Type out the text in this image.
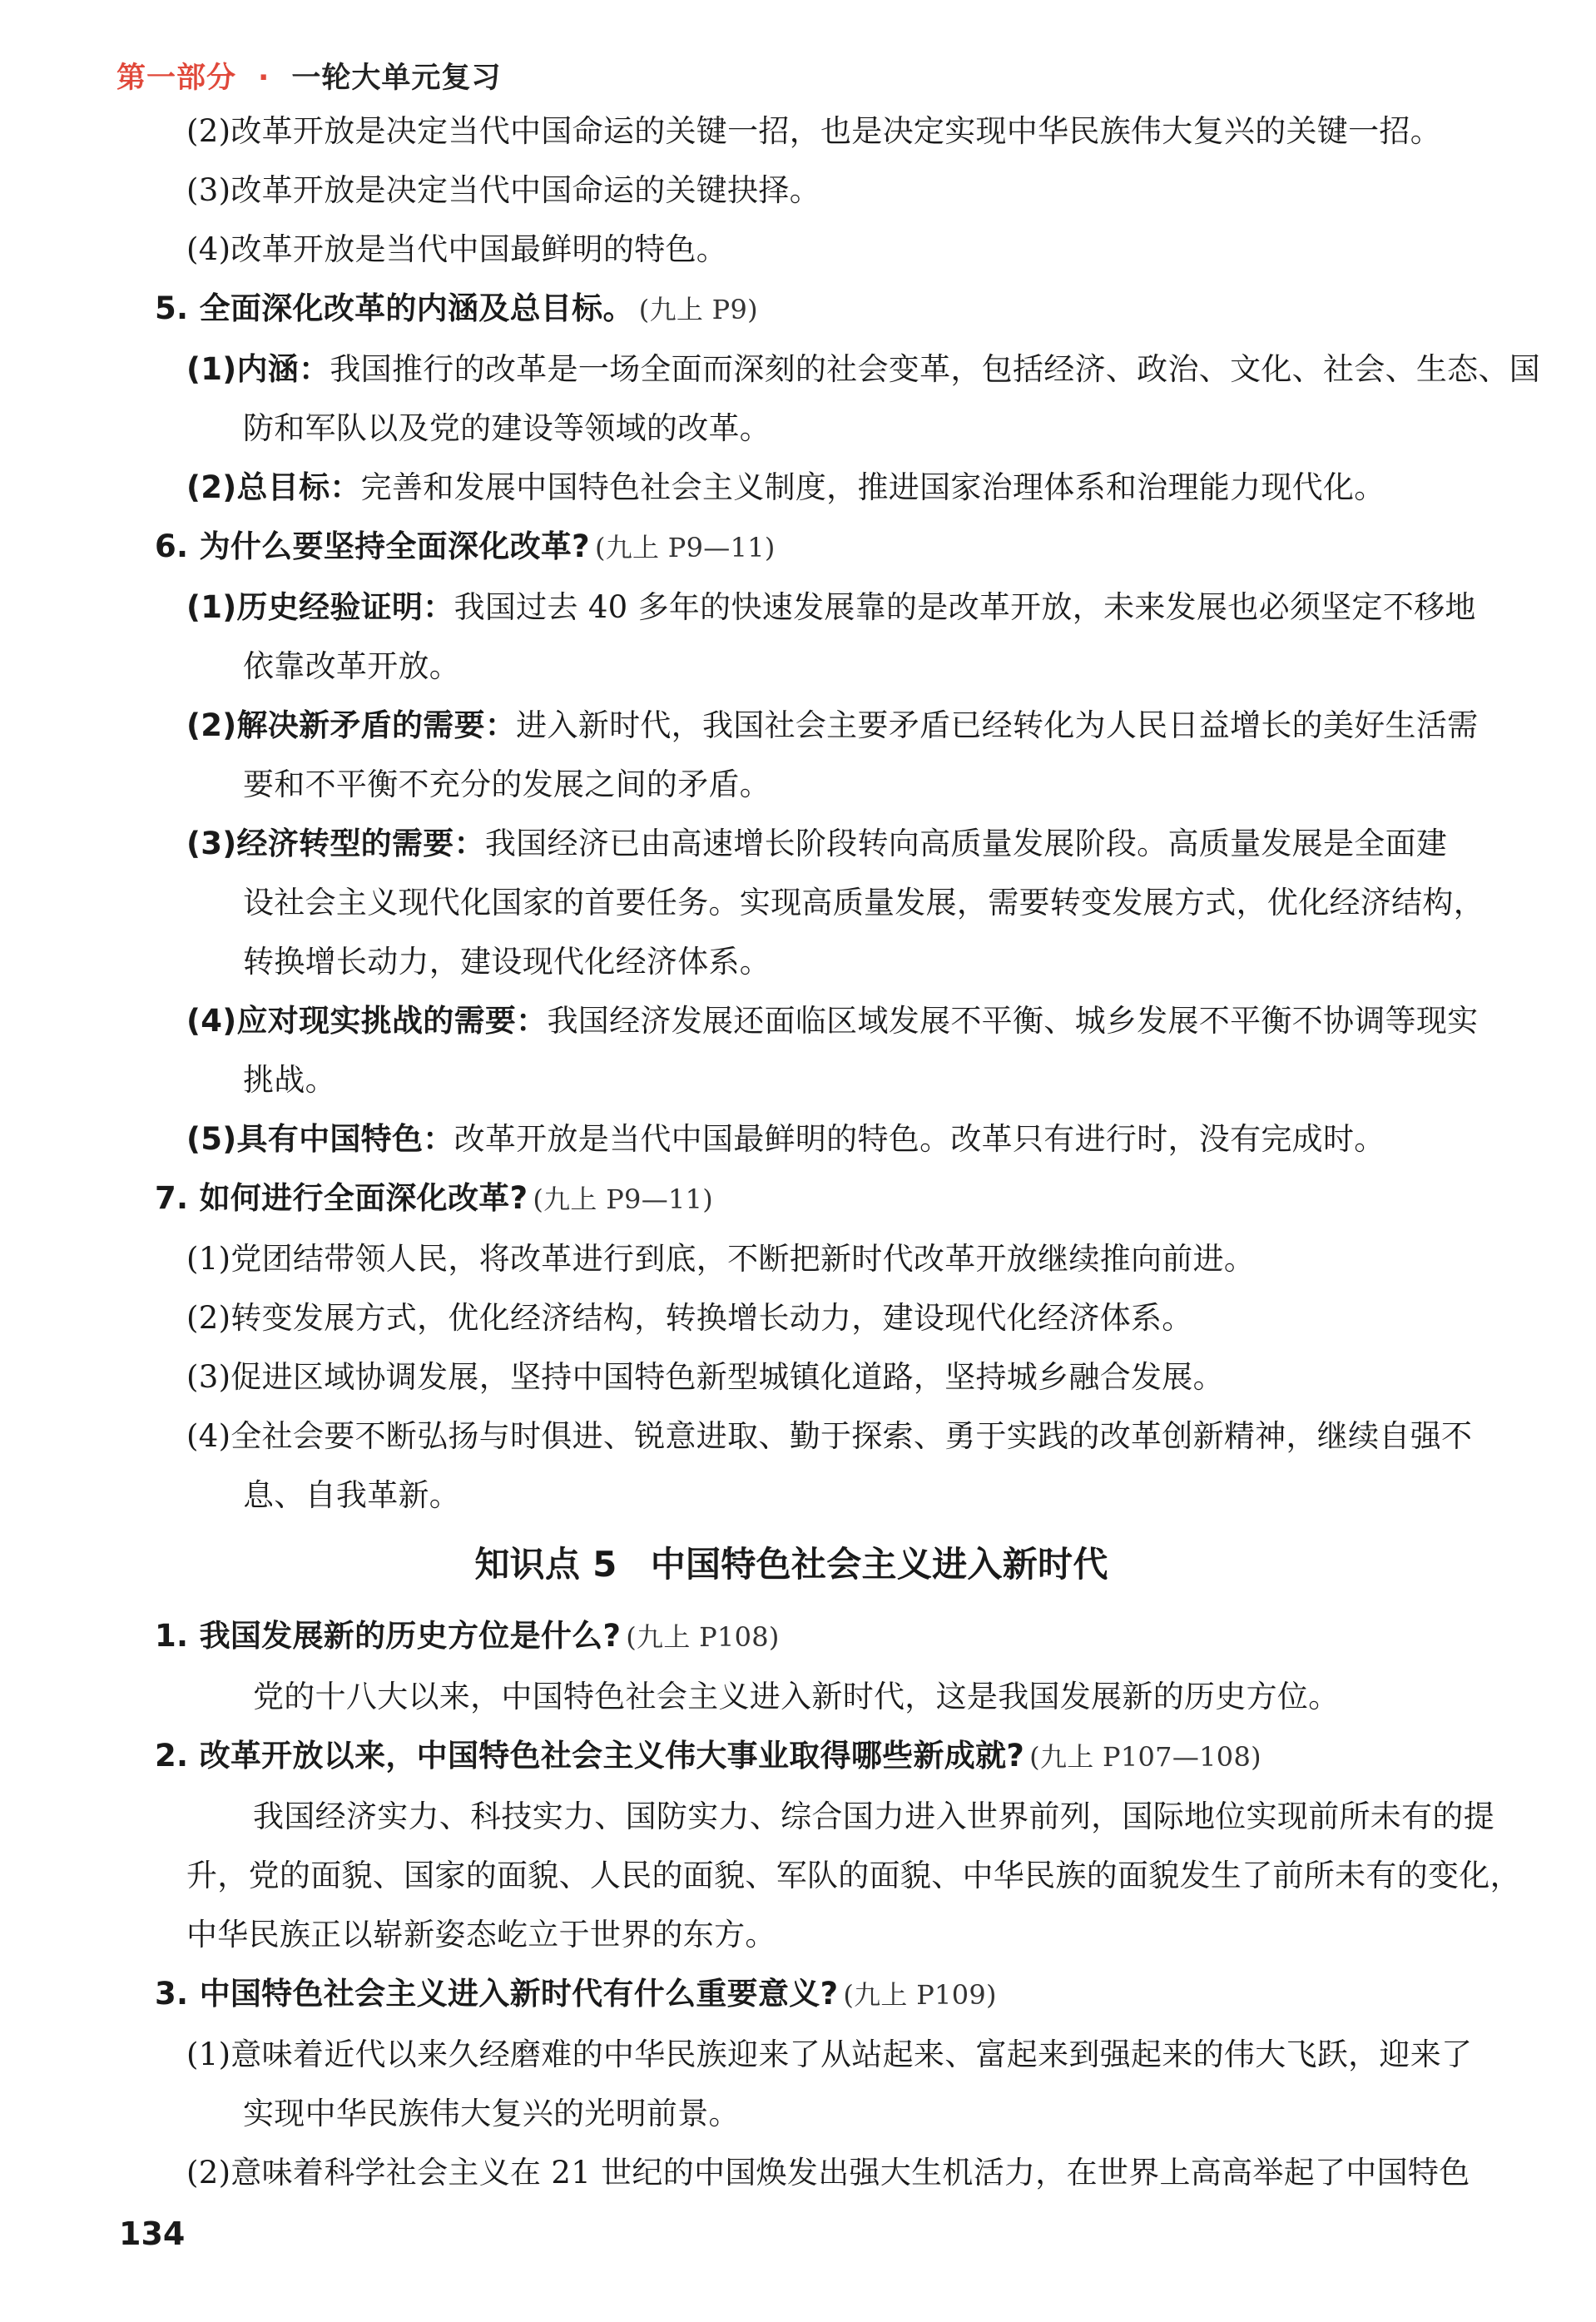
第一部分 · 一轮大单元复习

(2)改革开放是决定当代中国命运的关键一招，也是决定实现中华民族伟大复兴的关键一招。

(3)改革开放是决定当代中国命运的关键抉择。

(4)改革开放是当代中国最鲜明的特色。

5. 全面深化改革的内涵及总目标。 (九上 P9)

(1)内涵：我国推行的改革是一场全面而深刻的社会变革，包括经济、政治、文化、社会、生态、国

防和军队以及党的建设等领域的改革。

(2)总目标：完善和发展中国特色社会主义制度，推进国家治理体系和治理能力现代化。

6. 为什么要坚持全面深化改革? (九上 P9—11)

(1)历史经验证明：我国过去 40 多年的快速发展靠的是改革开放，未来发展也必须坚定不移地

依靠改革开放。

(2)解决新矛盾的需要：进入新时代，我国社会主要矛盾已经转化为人民日益增长的美好生活需

要和不平衡不充分的发展之间的矛盾。

(3)经济转型的需要：我国经济已由高速增长阶段转向高质量发展阶段。高质量发展是全面建

设社会主义现代化国家的首要任务。实现高质量发展，需要转变发展方式，优化经济结构，

转换增长动力，建设现代化经济体系。

(4)应对现实挑战的需要：我国经济发展还面临区域发展不平衡、城乡发展不平衡不协调等现实

挑战。

(5)具有中国特色：改革开放是当代中国最鲜明的特色。改革只有进行时，没有完成时。

7. 如何进行全面深化改革? (九上 P9—11)

(1)党团结带领人民，将改革进行到底，不断把新时代改革开放继续推向前进。

(2)转变发展方式，优化经济结构，转换增长动力，建设现代化经济体系。

(3)促进区域协调发展，坚持中国特色新型城镇化道路，坚持城乡融合发展。

(4)全社会要不断弘扬与时俱进、锐意进取、勤于探索、勇于实践的改革创新精神，继续自强不

息、自我革新。

知识点 5 中国特色社会主义进入新时代

1. 我国发展新的历史方位是什么? (九上 P108)

党的十八大以来，中国特色社会主义进入新时代，这是我国发展新的历史方位。

2. 改革开放以来，中国特色社会主义伟大事业取得哪些新成就? (九上 P107—108)

我国经济实力、科技实力、国防实力、综合国力进入世界前列，国际地位实现前所未有的提

升，党的面貌、国家的面貌、人民的面貌、军队的面貌、中华民族的面貌发生了前所未有的变化，

中华民族正以崭新姿态屹立于世界的东方。

3. 中国特色社会主义进入新时代有什么重要意义? (九上 P109)

(1)意味着近代以来久经磨难的中华民族迎来了从站起来、富起来到强起来的伟大飞跃，迎来了

实现中华民族伟大复兴的光明前景。

(2)意味着科学社会主义在 21 世纪的中国焕发出强大生机活力，在世界上高高举起了中国特色

134
